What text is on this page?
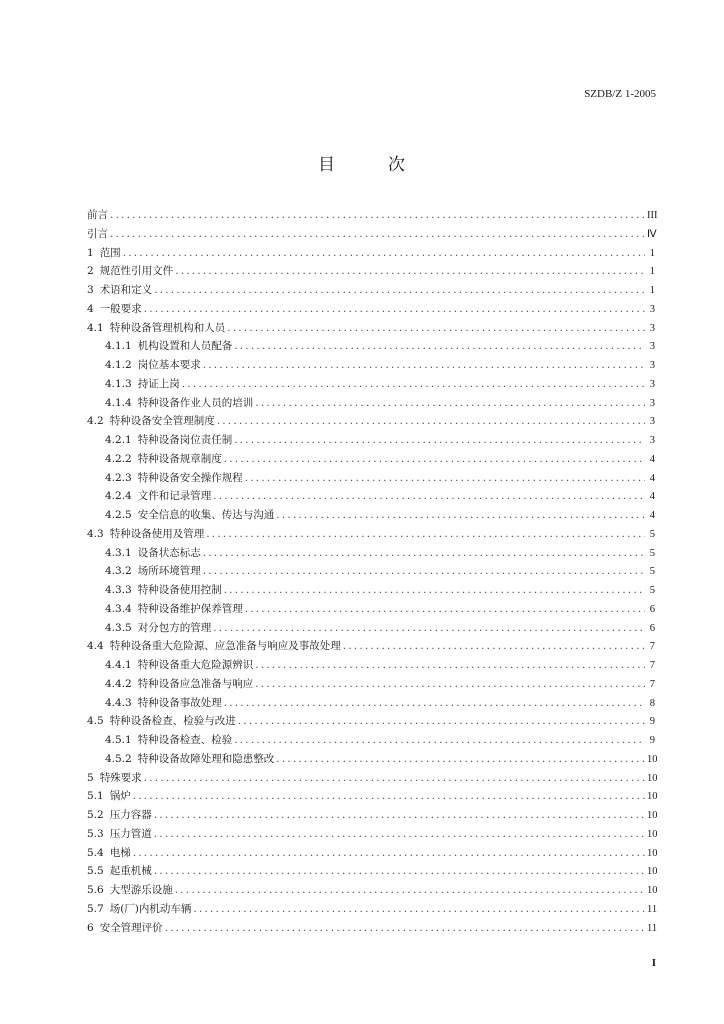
SZDB/Z 1-2005
目	次
前言 .....	III
引言 .....	Ⅳ
1 范围 .....	1
2 规范性引用文件 .....	1
3 术语和定义 .....	1
4 一般要求 .....	3
4.1 特种设备管理机构和人员 .....	3
4.1.1 机构设置和人员配备 .....	3
4.1.2 岗位基本要求 .....	3
4.1.3 持证上岗 .....	3
4.1.4 特种设备作业人员的培训 .....	3
4.2 特种设备安全管理制度 .....	3
4.2.1 特种设备岗位责任制 .....	3
4.2.2 特种设备规章制度 .....	4
4.2.3 特种设备安全操作规程 .....	4
4.2.4 文件和记录管理 .....	4
4.2.5 安全信息的收集、传达与沟通 .....	4
4.3 特种设备使用及管理 .....	5
4.3.1 设备状态标志 .....	5
4.3.2 场所环境管理 .....	5
4.3.3 特种设备使用控制 .....	5
4.3.4 特种设备维护保养管理 .....	6
4.3.5 对分包方的管理 .....	6
4.4 特种设备重大危险源、应急准备与响应及事故处理 .....	7
4.4.1 特种设备重大危险源辨识 .....	7
4.4.2 特种设备应急准备与响应 .....	7
4.4.3 特种设备事故处理 .....	8
4.5 特种设备检查、检验与改进 .....	9
4.5.1 特种设备检查、检验 .....	9
4.5.2 特种设备故障处理和隐患整改 .....	10
5 特殊要求 .....	10
5.1 锅炉 .....	10
5.2 压力容器 .....	10
5.3 压力管道 .....	10
5.4 电梯 .....	10
5.5 起重机械 .....	10
5.6 大型游乐设施 .....	10
5.7 场(厂)内机动车辆 .....	11
6 安全管理评价 .....	11
I
